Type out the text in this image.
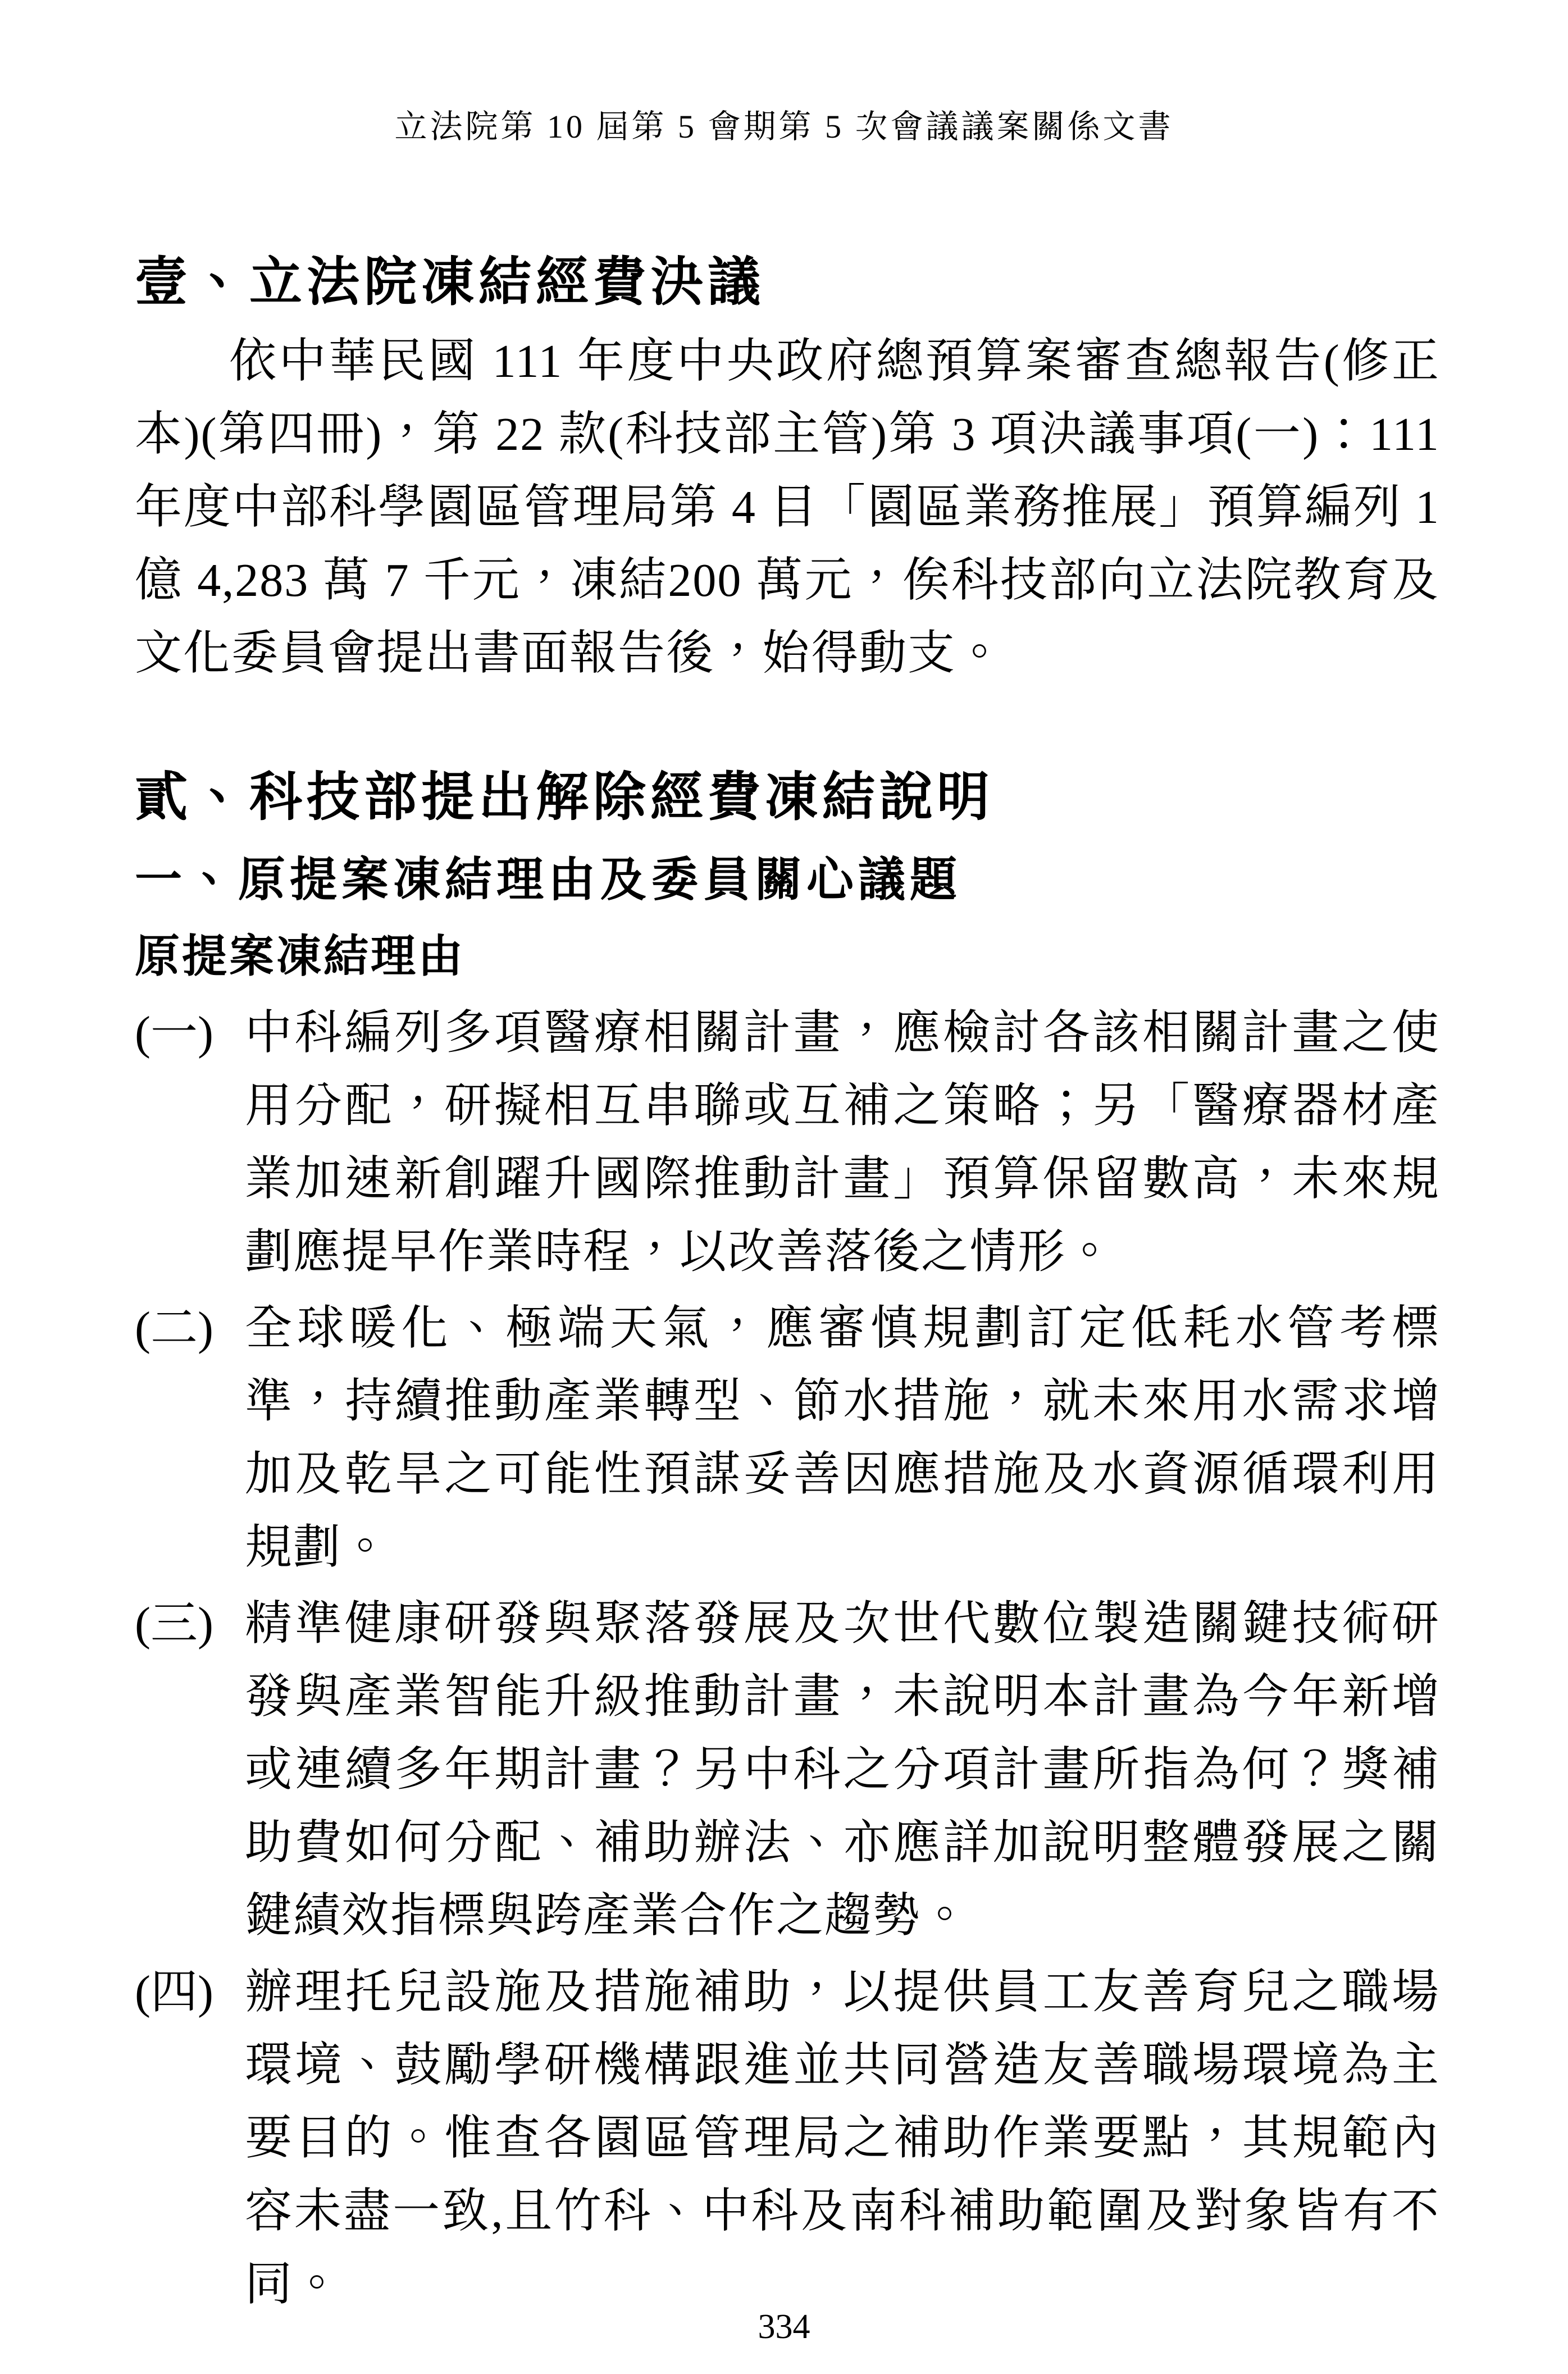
立法院第 10 屆第 5 會期第 5 次會議議案關係文書
壹、立法院凍結經費決議
依中華民國 111 年度中央政府總預算案審查總報告(修正本)(第四冊)，第 22 款(科技部主管)第 3 項決議事項(一)：111 年度中部科學園區管理局第 4 目「園區業務推展」預算編列 1 億 4,283 萬 7 千元，凍結200 萬元，俟科技部向立法院教育及文化委員會提出書面報告後，始得動支。
貳、科技部提出解除經費凍結說明
一、原提案凍結理由及委員關心議題
原提案凍結理由
(一) 中科編列多項醫療相關計畫，應檢討各該相關計畫之使用分配，研擬相互串聯或互補之策略；另「醫療器材產業加速新創躍升國際推動計畫」預算保留數高，未來規劃應提早作業時程，以改善落後之情形。
(二) 全球暖化、極端天氣，應審慎規劃訂定低耗水管考標準，持續推動產業轉型、節水措施，就未來用水需求增加及乾旱之可能性預謀妥善因應措施及水資源循環利用規劃。
(三) 精準健康研發與聚落發展及次世代數位製造關鍵技術研發與產業智能升級推動計畫，未說明本計畫為今年新增或連續多年期計畫？另中科之分項計畫所指為何？獎補助費如何分配、補助辦法、亦應詳加說明整體發展之關鍵績效指標與跨產業合作之趨勢。
(四) 辦理托兒設施及措施補助，以提供員工友善育兒之職場環境、鼓勵學研機構跟進並共同營造友善職場環境為主要目的。惟查各園區管理局之補助作業要點，其規範內容未盡一致,且竹科、中科及南科補助範圍及對象皆有不同。
334
